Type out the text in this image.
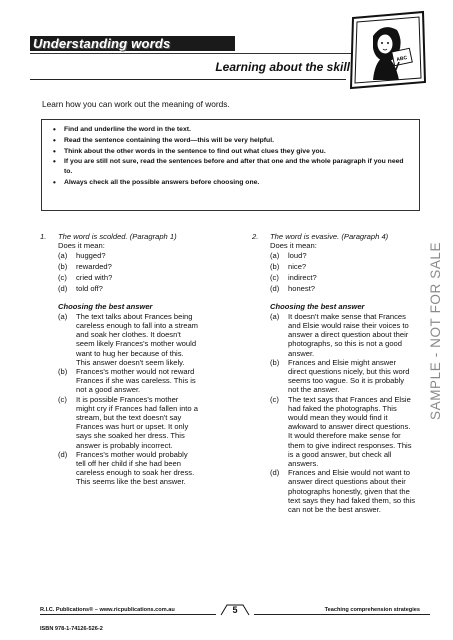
Understanding words
Learning about the skill
ABC
Learn how you can work out the meaning of words.
• Find and underline the word in the text.
• Read the sentence containing the word—this will be very helpful.
• Think about the other words in the sentence to find out what clues they give you.
• If you are still not sure, read the sentences before and after that one and the whole paragraph if you need to.
• Always check all the possible answers before choosing one.
1.	The word is scolded. (Paragraph 1)
Does it mean:
(a)	hugged?
(b)	rewarded?
(c)	cried with?
(d)	told off?
Choosing the best answer
(a)	The text talks about Frances being careless enough to fall into a stream and soak her clothes. It doesn't seem likely Frances's mother would want to hug her because of this. This answer doesn't seem likely.
(b)	Frances's mother would not reward Frances if she was careless. This is not a good answer.
(c)	It is possible Frances's mother might cry if Frances had fallen into a stream, but the text doesn't say Frances was hurt or upset. It only says she soaked her dress. This answer is probably incorrect.
(d)	Frances's mother would probably tell off her child if she had been careless enough to soak her dress. This seems like the best answer.
2.	The word is evasive. (Paragraph 4)
Does it mean:
(a)	loud?
(b)	nice?
(c)	indirect?
(d)	honest?
Choosing the best answer
(a)	It doesn't make sense that Frances and Elsie would raise their voices to answer a direct question about their photographs, so this is not a good answer.
(b)	Frances and Elsie might answer direct questions nicely, but this word seems too vague. So it is probably not the answer.
(c)	The text says that Frances and Elsie had faked the photographs. This would mean they would find it awkward to answer direct questions. It would therefore make sense for them to give indirect responses. This is a good answer, but check all answers.
(d)	Frances and Elsie would not want to answer direct questions about their photographs honestly, given that the text says they had faked them, so this can not be the best answer.
SAMPLE - NOT FOR SALE
R.I.C. Publications® – www.ricpublications.com.au	5	Teaching comprehension strategies
ISBN 978-1-74126-526-2
